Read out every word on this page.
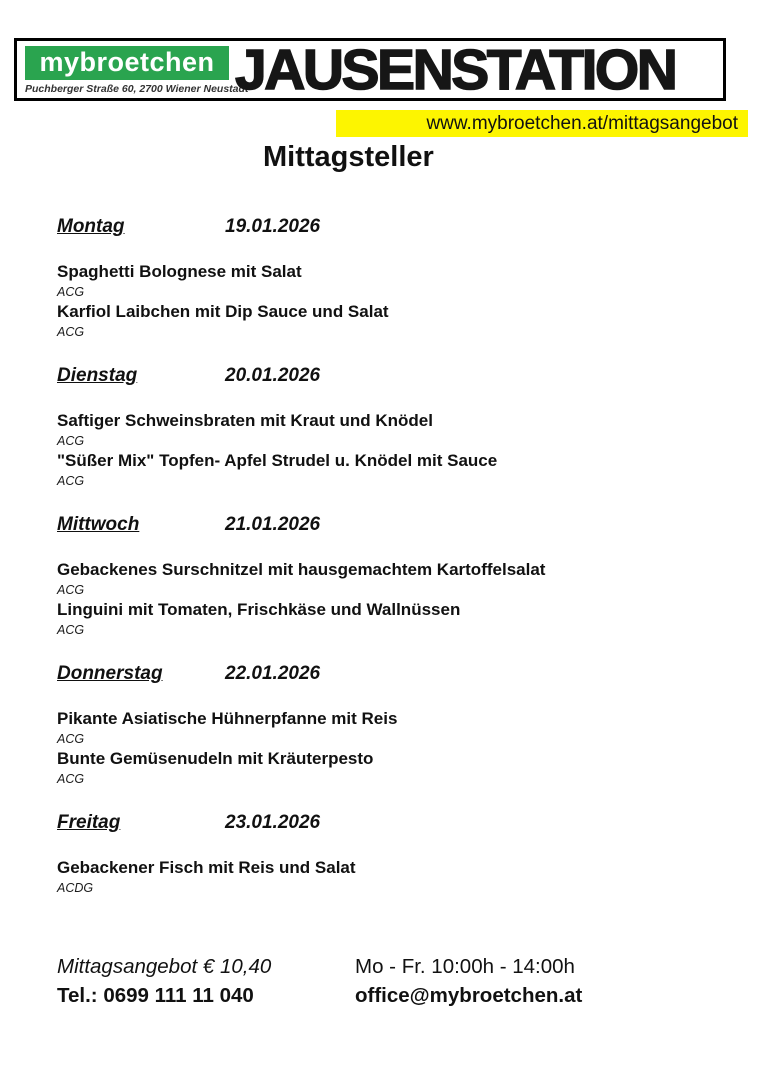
mybroetchen
Puchberger Straße 60, 2700 Wiener Neustadt
JAUSENSTATION
www.mybroetchen.at/mittagsangebot
Mittagsteller
Montag	19.01.2026
Spaghetti Bolognese mit Salat
ACG
Karfiol Laibchen mit Dip Sauce und Salat
ACG
Dienstag	20.01.2026
Saftiger Schweinsbraten mit Kraut und Knödel
ACG
"Süßer Mix" Topfen- Apfel Strudel u. Knödel mit Sauce
ACG
Mittwoch	21.01.2026
Gebackenes Surschnitzel mit hausgemachtem Kartoffelsalat
ACG
Linguini mit Tomaten, Frischkäse und Wallnüssen
ACG
Donnerstag	22.01.2026
Pikante Asiatische Hühnerpfanne mit Reis
ACG
Bunte Gemüsenudeln mit Kräuterpesto
ACG
Freitag	23.01.2026
Gebackener Fisch mit Reis und Salat
ACDG
Mittagsangebot € 10,40	Mo - Fr. 10:00h - 14:00h
Tel.: 0699 111 11 040	office@mybroetchen.at
